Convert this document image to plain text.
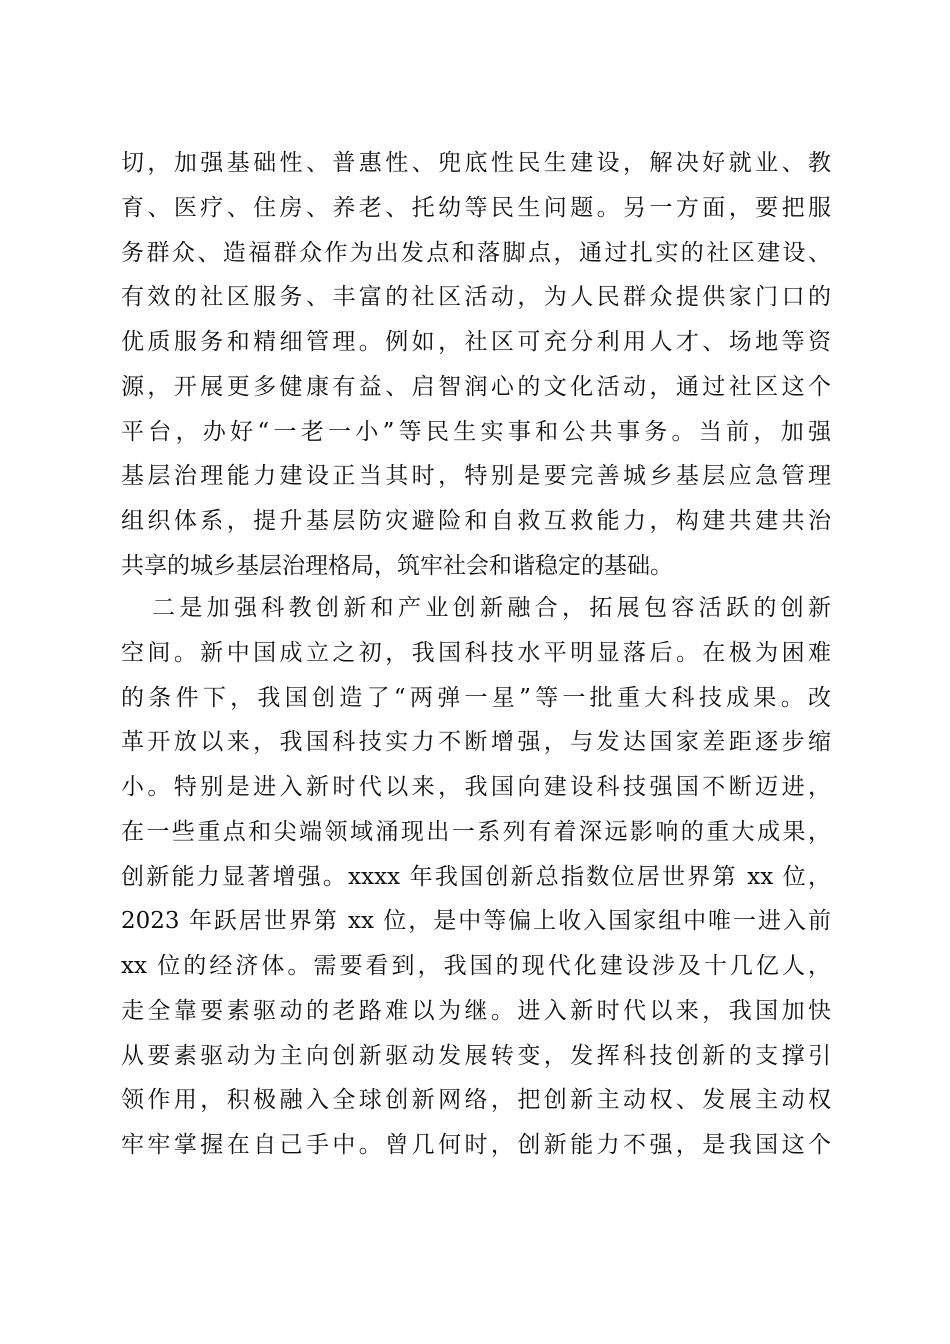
切，加强基础性、普惠性、兜底性民生建设，解决好就业、教
育、医疗、住房、养老、托幼等民生问题。另一方面，要把服
务群众、造福群众作为出发点和落脚点，通过扎实的社区建设、
有效的社区服务、丰富的社区活动，为人民群众提供家门口的
优质服务和精细管理。例如，社区可充分利用人才、场地等资
源，开展更多健康有益、启智润心的文化活动，通过社区这个
平台，办好“一老一小”等民生实事和公共事务。当前，加强
基层治理能力建设正当其时，特别是要完善城乡基层应急管理
组织体系，提升基层防灾避险和自救互救能力，构建共建共治
共享的城乡基层治理格局，筑牢社会和谐稳定的基础。
二是加强科教创新和产业创新融合，拓展包容活跃的创新
空间。新中国成立之初，我国科技水平明显落后。在极为困难
的条件下，我国创造了“两弹一星”等一批重大科技成果。改
革开放以来，我国科技实力不断增强，与发达国家差距逐步缩
小。特别是进入新时代以来，我国向建设科技强国不断迈进，
在一些重点和尖端领域涌现出一系列有着深远影响的重大成果，
创新能力显著增强。xxxx 年我国创新总指数位居世界第 xx 位，
2023 年跃居世界第 xx 位，是中等偏上收入国家组中唯一进入前
xx 位的经济体。需要看到，我国的现代化建设涉及十几亿人，
走全靠要素驱动的老路难以为继。进入新时代以来，我国加快
从要素驱动为主向创新驱动发展转变，发挥科技创新的支撑引
领作用，积极融入全球创新网络，把创新主动权、发展主动权
牢牢掌握在自己手中。曾几何时，创新能力不强，是我国这个
